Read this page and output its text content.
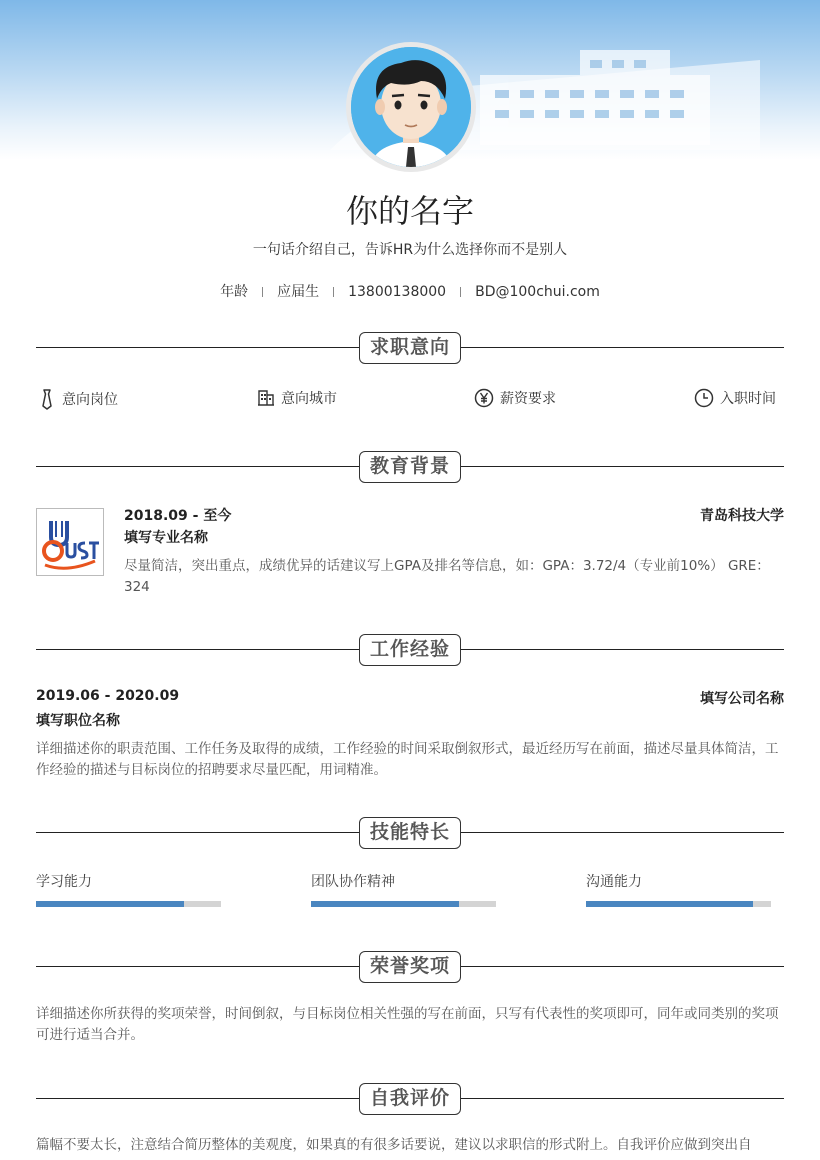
你的名字
一句话介绍自己，告诉HR为什么选择你而不是别人
年龄 应届生 13800138000 BD@100chui.com
求职意向
意向岗位	意向城市	薪资要求	入职时间
教育背景
2018.09 - 至今	青岛科技大学
填写专业名称
尽量简洁，突出重点，成绩优异的话建议写上GPA及排名等信息，如：GPA：3.72/4（专业前10%） GRE：324
工作经验
2019.06 - 2020.09	填写公司名称
填写职位名称
详细描述你的职责范围、工作任务及取得的成绩，工作经验的时间采取倒叙形式，最近经历写在前面，描述尽量具体简洁，工作经验的描述与目标岗位的招聘要求尽量匹配，用词精准。
技能特长
学习能力	团队协作精神	沟通能力
荣誉奖项
详细描述你所获得的奖项荣誉，时间倒叙，与目标岗位相关性强的写在前面，只写有代表性的奖项即可，同年或同类别的奖项可进行适当合并。
自我评价
篇幅不要太长，注意结合简历整体的美观度，如果真的有很多话要说，建议以求职信的形式附上。自我评价应做到突出自
